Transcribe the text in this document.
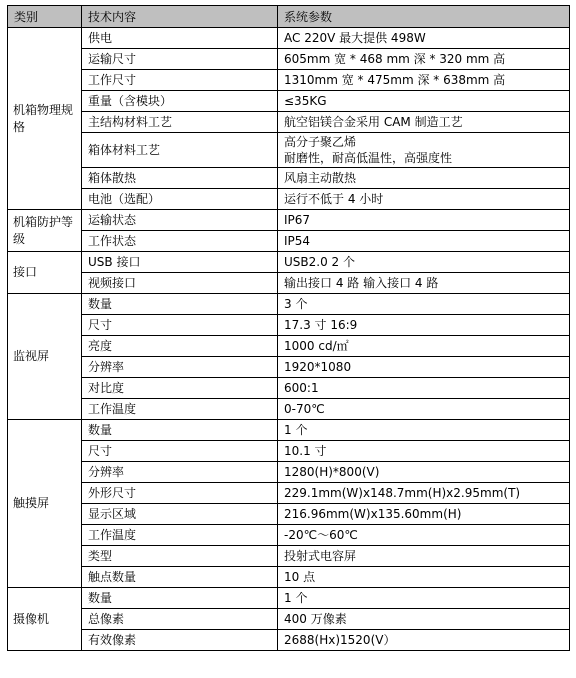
类别	技术内容	系统参数
机箱物理规格	供电	AC 220V 最大提供 498W
	运输尺寸	605mm 宽 * 468 mm 深 * 320 mm 高
	工作尺寸	1310mm 宽 * 475mm 深 * 638mm 高
	重量（含模块）	≤35KG
	主结构材料工艺	航空铝镁合金采用 CAM 制造工艺
	箱体材料工艺	高分子聚乙烯
耐磨性，耐高低温性，高强度性

	箱体散热	风扇主动散热
	电池（选配）	运行不低于 4 小时
机箱防护等级	运输状态	IP67
	工作状态	IP54
接口	USB 接口	USB2.0 2 个
	视频接口	输出接口 4 路 输入接口 4 路
监视屏	数量	3 个
	尺寸	17.3 寸 16:9
	亮度	1000 cd/㎡
	分辨率	1920*1080
	对比度	600:1
	工作温度	0-70℃
触摸屏	数量	1 个
	尺寸	10.1 寸
	分辨率	1280(H)*800(V)
	外形尺寸	229.1mm(W)x148.7mm(H)x2.95mm(T)
	显示区域	216.96mm(W)x135.60mm(H)
	工作温度	-20℃～60℃
	类型	投射式电容屏
	触点数量	10 点
摄像机	数量	1 个
	总像素	400 万像素
	有效像素	2688(Hx)1520(V）
